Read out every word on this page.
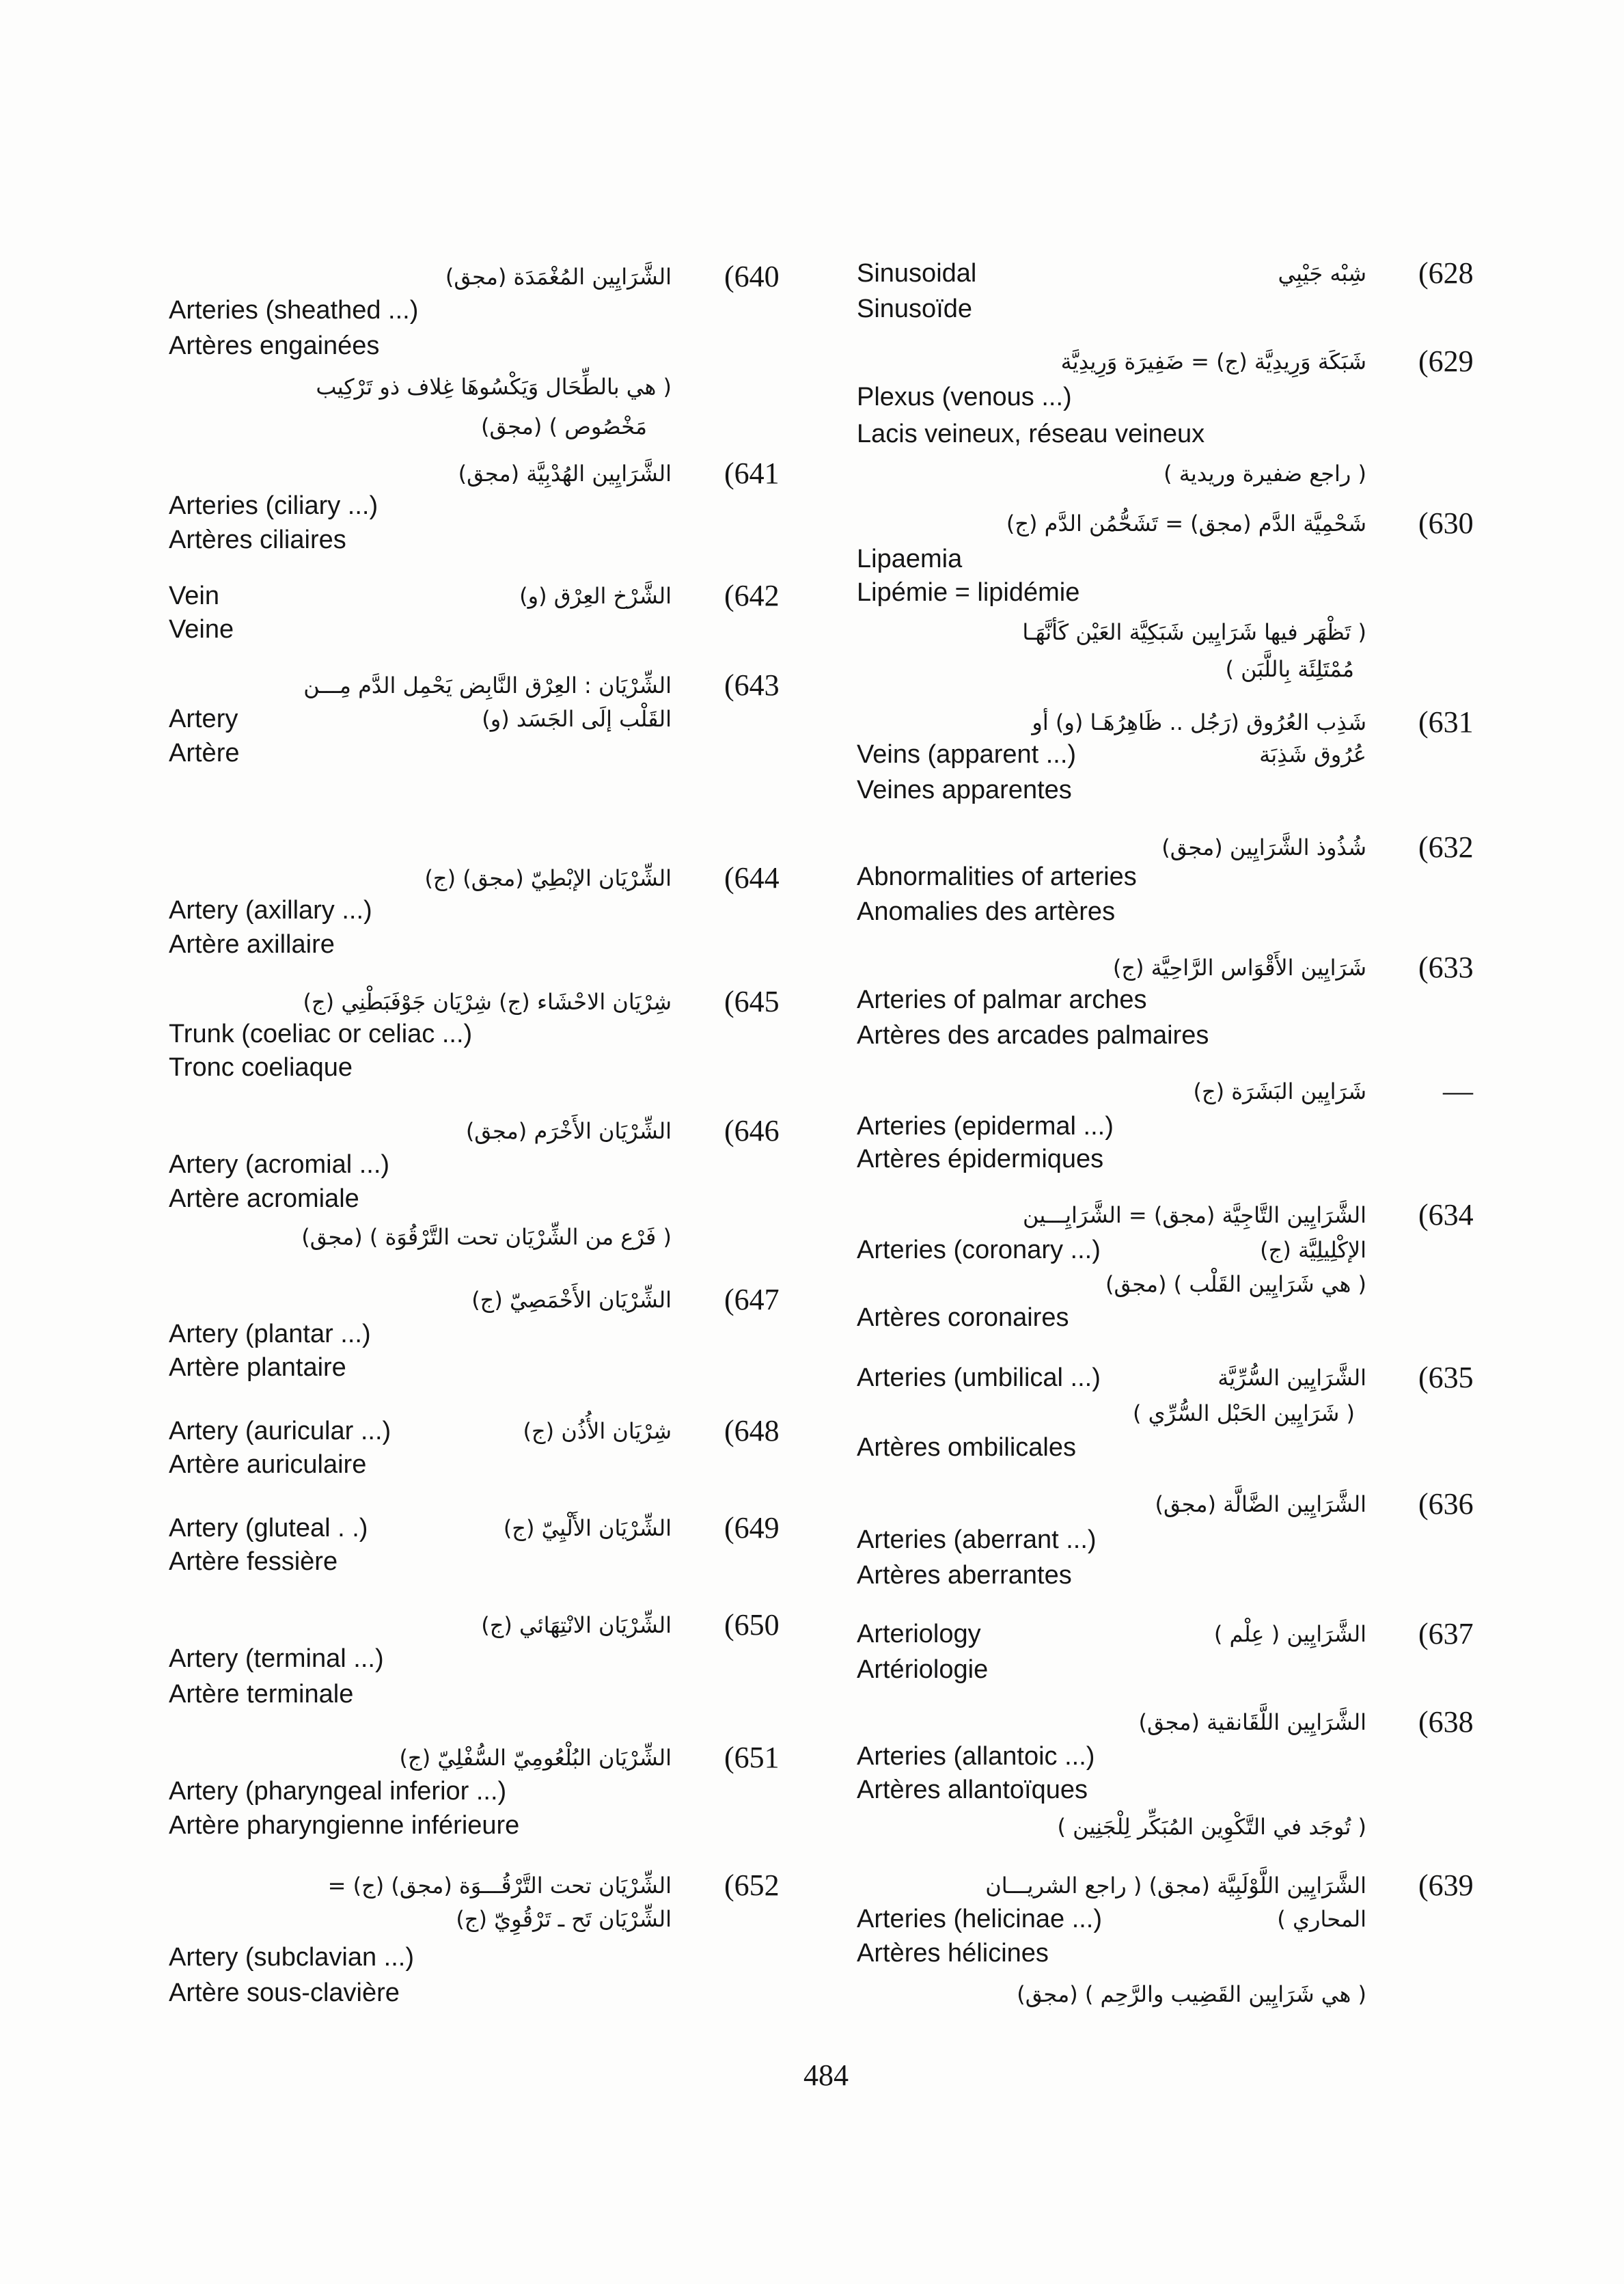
(628
شِبْه جَيْبِي
Sinusoidal
Sinusoïde
(629
شَبَكَة وَرِيدِيَّة (ج) = ضَفِيرَة وَرِيدِيَّة
Plexus (venous ...)
Lacis veineux, réseau veineux
( راجع ضفيرة وريدية )
(630
شَحْمِيَّة الدَّم (مجق) = تَشَحُّمُن الدَّم (ج)
Lipaemia
Lipémie = lipidémie
( تَظْهَر فيها شَرَايِين شَبَكِيَّة العَيْن كَأنَّهَـا
مُمْتَلِئَة بِاللَّبَن )
(631
شَذِب العُرُوق (رَجُل .. ظَاهِرُهَـا (و) أو
Veins (apparent ...)	عُرُوق شَذِبَة
Veines apparentes
(632
شُذُوذ الشَّرَايِين (مجق)
Abnormalities of arteries
Anomalies des artères
(633
شَرَايِين الأَقْوَاس الرَّاحِيَّة (ج)
Arteries of palmar arches
Artères des arcades palmaires
—
شَرَايِين البَشَرَة (ج)
Arteries (epidermal ...)
Artères épidermiques
(634
الشَّرَايِين التَّاجِيَّة (مجق) = الشَّرَايِـــين
Arteries (coronary ...)	الإكْلِيلِيَّة (ج)
( هي شَرَايِين القَلْب ) (مجق)
Artères coronaires
(635
الشَّرَايِين السُّرِّيَّة
Arteries (umbilical ...)
( شَرَايِين الحَبْل السُّرِّي )
Artères ombilicales
(636
الشَّرَايِين الضَّالَّة (مجق)
Arteries (aberrant ...)
Artères aberrantes
(637
الشَّرَايِين ( عِلْم )
Arteriology
Artériologie
(638
الشَّرَايِين اللَّقَانقية (مجق)
Arteries (allantoic ...)
Artères allantoïques
( تُوجَد في التَّكْوِين المُبَكِّر لِلْجَنِين )
(639
الشَّرَايِين اللَّوْلَبِيَّة (مجق) ( راجع الشريـــان
Arteries (helicinae ...)	المحاري )
Artères hélicines
( هي شَرَايِين القَضِيب والرَّحِم ) (مجق)
(640
الشَّرَايِين المُغْمَدَة (مجق)
Arteries (sheathed ...)
Artères engainées
( هي بالطِّحَال وَيَكْسُوهَا غِلاف ذو تَرْكِيب
مَخْصُوص ) (مجق)
(641
الشَّرَايِين الهُدْبِيَّة (مجق)
Arteries (ciliary ...)
Artères ciliaires
(642
الشَّرْخ العِرْق (و)
Vein
Veine
(643
الشِّرْيَان : العِرْق النَّابِض يَحْمِل الدَّم مِـــن
Artery	القَلْب إلَى الجَسَد (و)
Artère
(644
الشِّرْيَان الإبْطِيّ (مجق) (ج)
Artery (axillary ...)
Artère axillaire
(645
شِرْيَان الاحْشَاء (ج) شِرْيَان جَوْفَبَطْنِي (ج)
Trunk (coeliac or celiac ...)
Tronc coeliaque
(646
الشِّرْيَان الأَخْرَم (مجق)
Artery (acromial ...)
Artère acromiale
( فَرْع من الشِّرْيَان تحت التَّرْقُوَة ) (مجق)
(647
الشِّرْيَان الأَخْمَصِيّ (ج)
Artery (plantar ...)
Artère plantaire
(648
شِرْيَان الأُذُن (ج)
Artery (auricular ...)
Artère auriculaire
(649
الشِّرْيَان الأَلْيِيّ (ج)
Artery (gluteal . .)
Artère fessière
(650
الشِّرْيَان الانْتِهَائي (ج)
Artery (terminal ...)
Artère terminale
(651
الشِّرْيَان البُلْعُومِيّ السُّفْلِيّ (ج)
Artery (pharyngeal inferior ...)
Artère pharyngienne inférieure
(652
الشِّرْيَان تحت التَّرْقُـــوَة (مجق) (ج) =
الشِّرْيَان تَح ـ تَرْقُوِيّ (ج)
Artery (subclavian ...)
Artère sous-clavière
484
